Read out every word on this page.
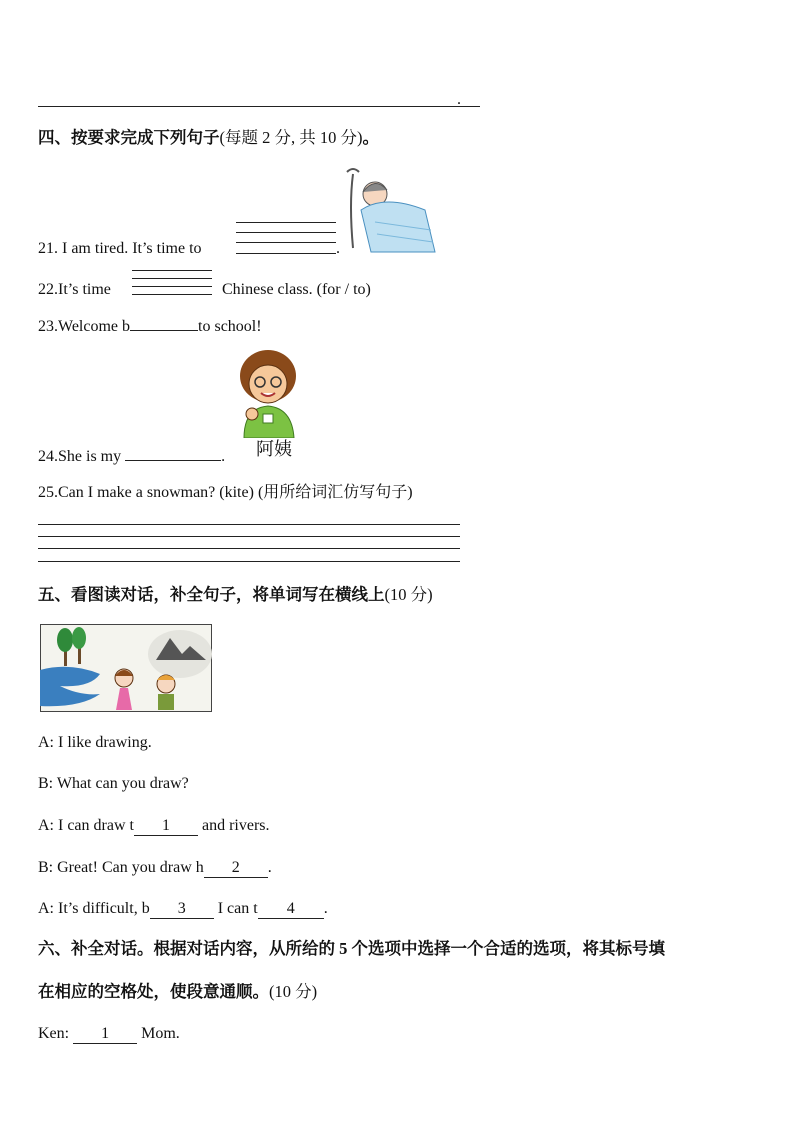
.
四、按要求完成下列句子(每题 2 分, 共 10 分)。
21. I am tired. It’s time to	.
22.It’s time	Chinese class. (for / to)
23.Welcome b	to school!
阿姨
24.She is my	.
25.Can I make a snowman? (kite) (用所给词汇仿写句子)
五、看图读对话，补全句子，将单词写在横线上(10 分)
A: I like drawing.
B: What can you draw?
A: I can draw t 1 and rivers.
B: Great! Can you draw h 2 .
A: It’s difficult, b 3 I can t 4 .
六、补全对话。根据对话内容，从所给的 5 个选项中选择一个合适的选项，将其标号填
在相应的空格处，使段意通顺。(10 分)
Ken: 1 Mom.
